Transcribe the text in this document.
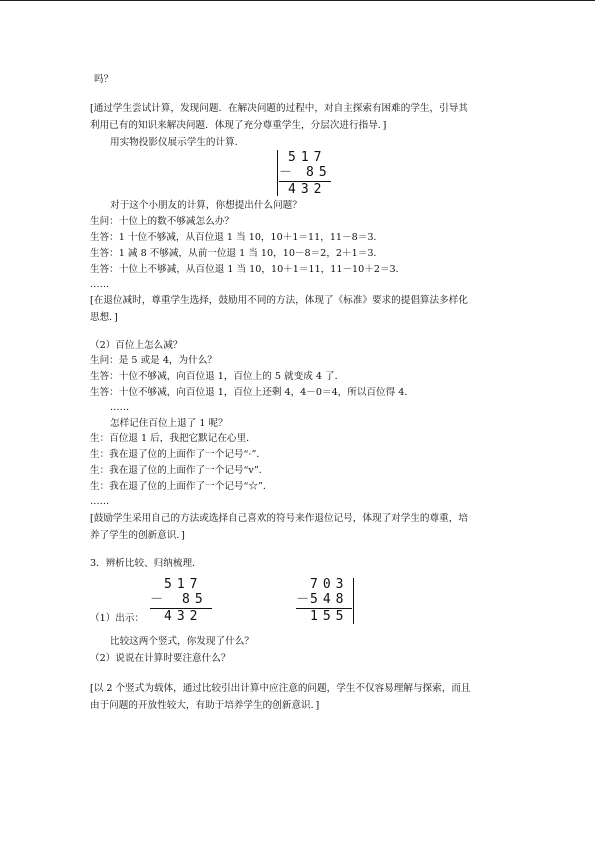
吗？
[通过学生尝试计算，发现问题．在解决问题的过程中，对自主探索有困难的学生，引导其
利用已有的知识来解决问题．体现了充分尊重学生，分层次进行指导．]
用实物投影仪展示学生的计算．
517
－ 85
432
对于这个小朋友的计算，你想提出什么问题？
生问：十位上的数不够减怎么办？
生答：1 十位不够减，从百位退 1 当 10，10＋1＝11，11－8＝3．
生答：1 减 8 不够减，从前一位退 1 当 10，10－8＝2，2＋1＝3．
生答：十位上不够减，从百位退 1 当 10，10＋1＝11，11－10＋2＝3．
……
[在退位减时，尊重学生选择，鼓励用不同的方法，体现了《标准》要求的提倡算法多样化
思想．]
（2）百位上怎么减？
生问：是 5 或是 4，为什么？
生答：十位不够减，向百位退 1，百位上的 5 就变成 4 了．
生答：十位不够减，向百位退 1，百位上还剩 4，4－0＝4，所以百位得 4．
……
怎样记住百位上退了 1 呢？
生：百位退 1 后，我把它默记在心里．
生：我在退了位的上面作了一个记号“·”．
生：我在退了位的上面作了一个记号“v”．
生：我在退了位的上面作了一个记号“☆”．
……
[鼓励学生采用自己的方法或选择自己喜欢的符号来作退位记号，体现了对学生的尊重，培
养了学生的创新意识．]
3．辨析比较、归纳梳理．
517
－ 85
432
（1）出示：
703
－ 548
155
比较这两个竖式，你发现了什么？
（2）说说在计算时要注意什么？
[以 2 个竖式为载体，通过比较引出计算中应注意的问题，学生不仅容易理解与探索，而且
由于问题的开放性较大，有助于培养学生的创新意识．]
